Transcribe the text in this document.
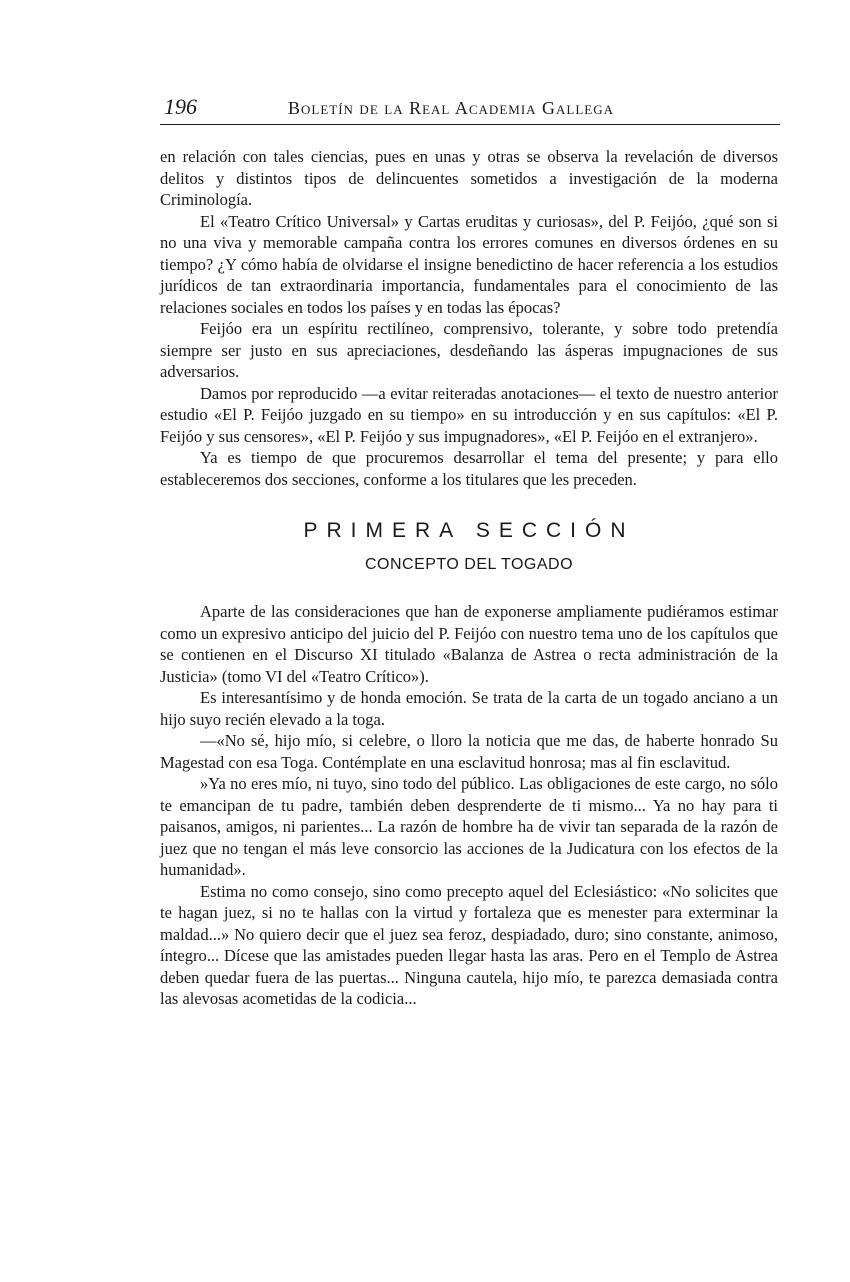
196	Boletín de la Real Academia Gallega

en relación con tales ciencias, pues en unas y otras se observa la revelación de diversos delitos y distintos tipos de delincuentes sometidos a investigación de la moderna Criminología.

El «Teatro Crítico Universal» y Cartas eruditas y curiosas», del P. Feijóo, ¿qué son si no una viva y memorable campaña contra los errores comunes en diversos órdenes en su tiempo? ¿Y cómo había de olvidarse el insigne benedictino de hacer referencia a los estudios jurídicos de tan extraordinaria importancia, fundamentales para el conocimiento de las relaciones sociales en todos los países y en todas las épocas?

Feijóo era un espíritu rectilíneo, comprensivo, tolerante, y sobre todo pretendía siempre ser justo en sus apreciaciones, desdeñando las ásperas impugnaciones de sus adversarios.

Damos por reproducido —a evitar reiteradas anotaciones— el texto de nuestro anterior estudio «El P. Feijóo juzgado en su tiempo» en su introducción y en sus capítulos: «El P. Feijóo y sus censores», «El P. Feijóo y sus impugnadores», «El P. Feijóo en el extranjero».

Ya es tiempo de que procuremos desarrollar el tema del presente; y para ello estableceremos dos secciones, conforme a los titulares que les preceden.

PRIMERA SECCIÓN
CONCEPTO DEL TOGADO

Aparte de las consideraciones que han de exponerse ampliamente pudiéramos estimar como un expresivo anticipo del juicio del P. Feijóo con nuestro tema uno de los capítulos que se contienen en el Discurso XI titulado «Balanza de Astrea o recta administración de la Justicia» (tomo VI del «Teatro Crítico»).

Es interesantísimo y de honda emoción. Se trata de la carta de un togado anciano a un hijo suyo recién elevado a la toga.

—«No sé, hijo mío, si celebre, o lloro la noticia que me das, de haberte honrado Su Magestad con esa Toga. Contémplate en una esclavitud honrosa; mas al fin esclavitud.

»Ya no eres mío, ni tuyo, sino todo del público. Las obligaciones de este cargo, no sólo te emancipan de tu padre, también deben desprenderte de ti mismo... Ya no hay para ti paisanos, amigos, ni parientes... La razón de hombre ha de vivir tan separada de la razón de juez que no tengan el más leve consorcio las acciones de la Judicatura con los efectos de la humanidad».

Estima no como consejo, sino como precepto aquel del Eclesiástico: «No solicites que te hagan juez, si no te hallas con la virtud y fortaleza que es menester para exterminar la maldad...» No quiero decir que el juez sea feroz, despiadado, duro; sino constante, animoso, íntegro... Dícese que las amistades pueden llegar hasta las aras. Pero en el Templo de Astrea deben quedar fuera de las puertas... Ninguna cautela, hijo mío, te parezca demasiada contra las alevosas acometidas de la codicia...
